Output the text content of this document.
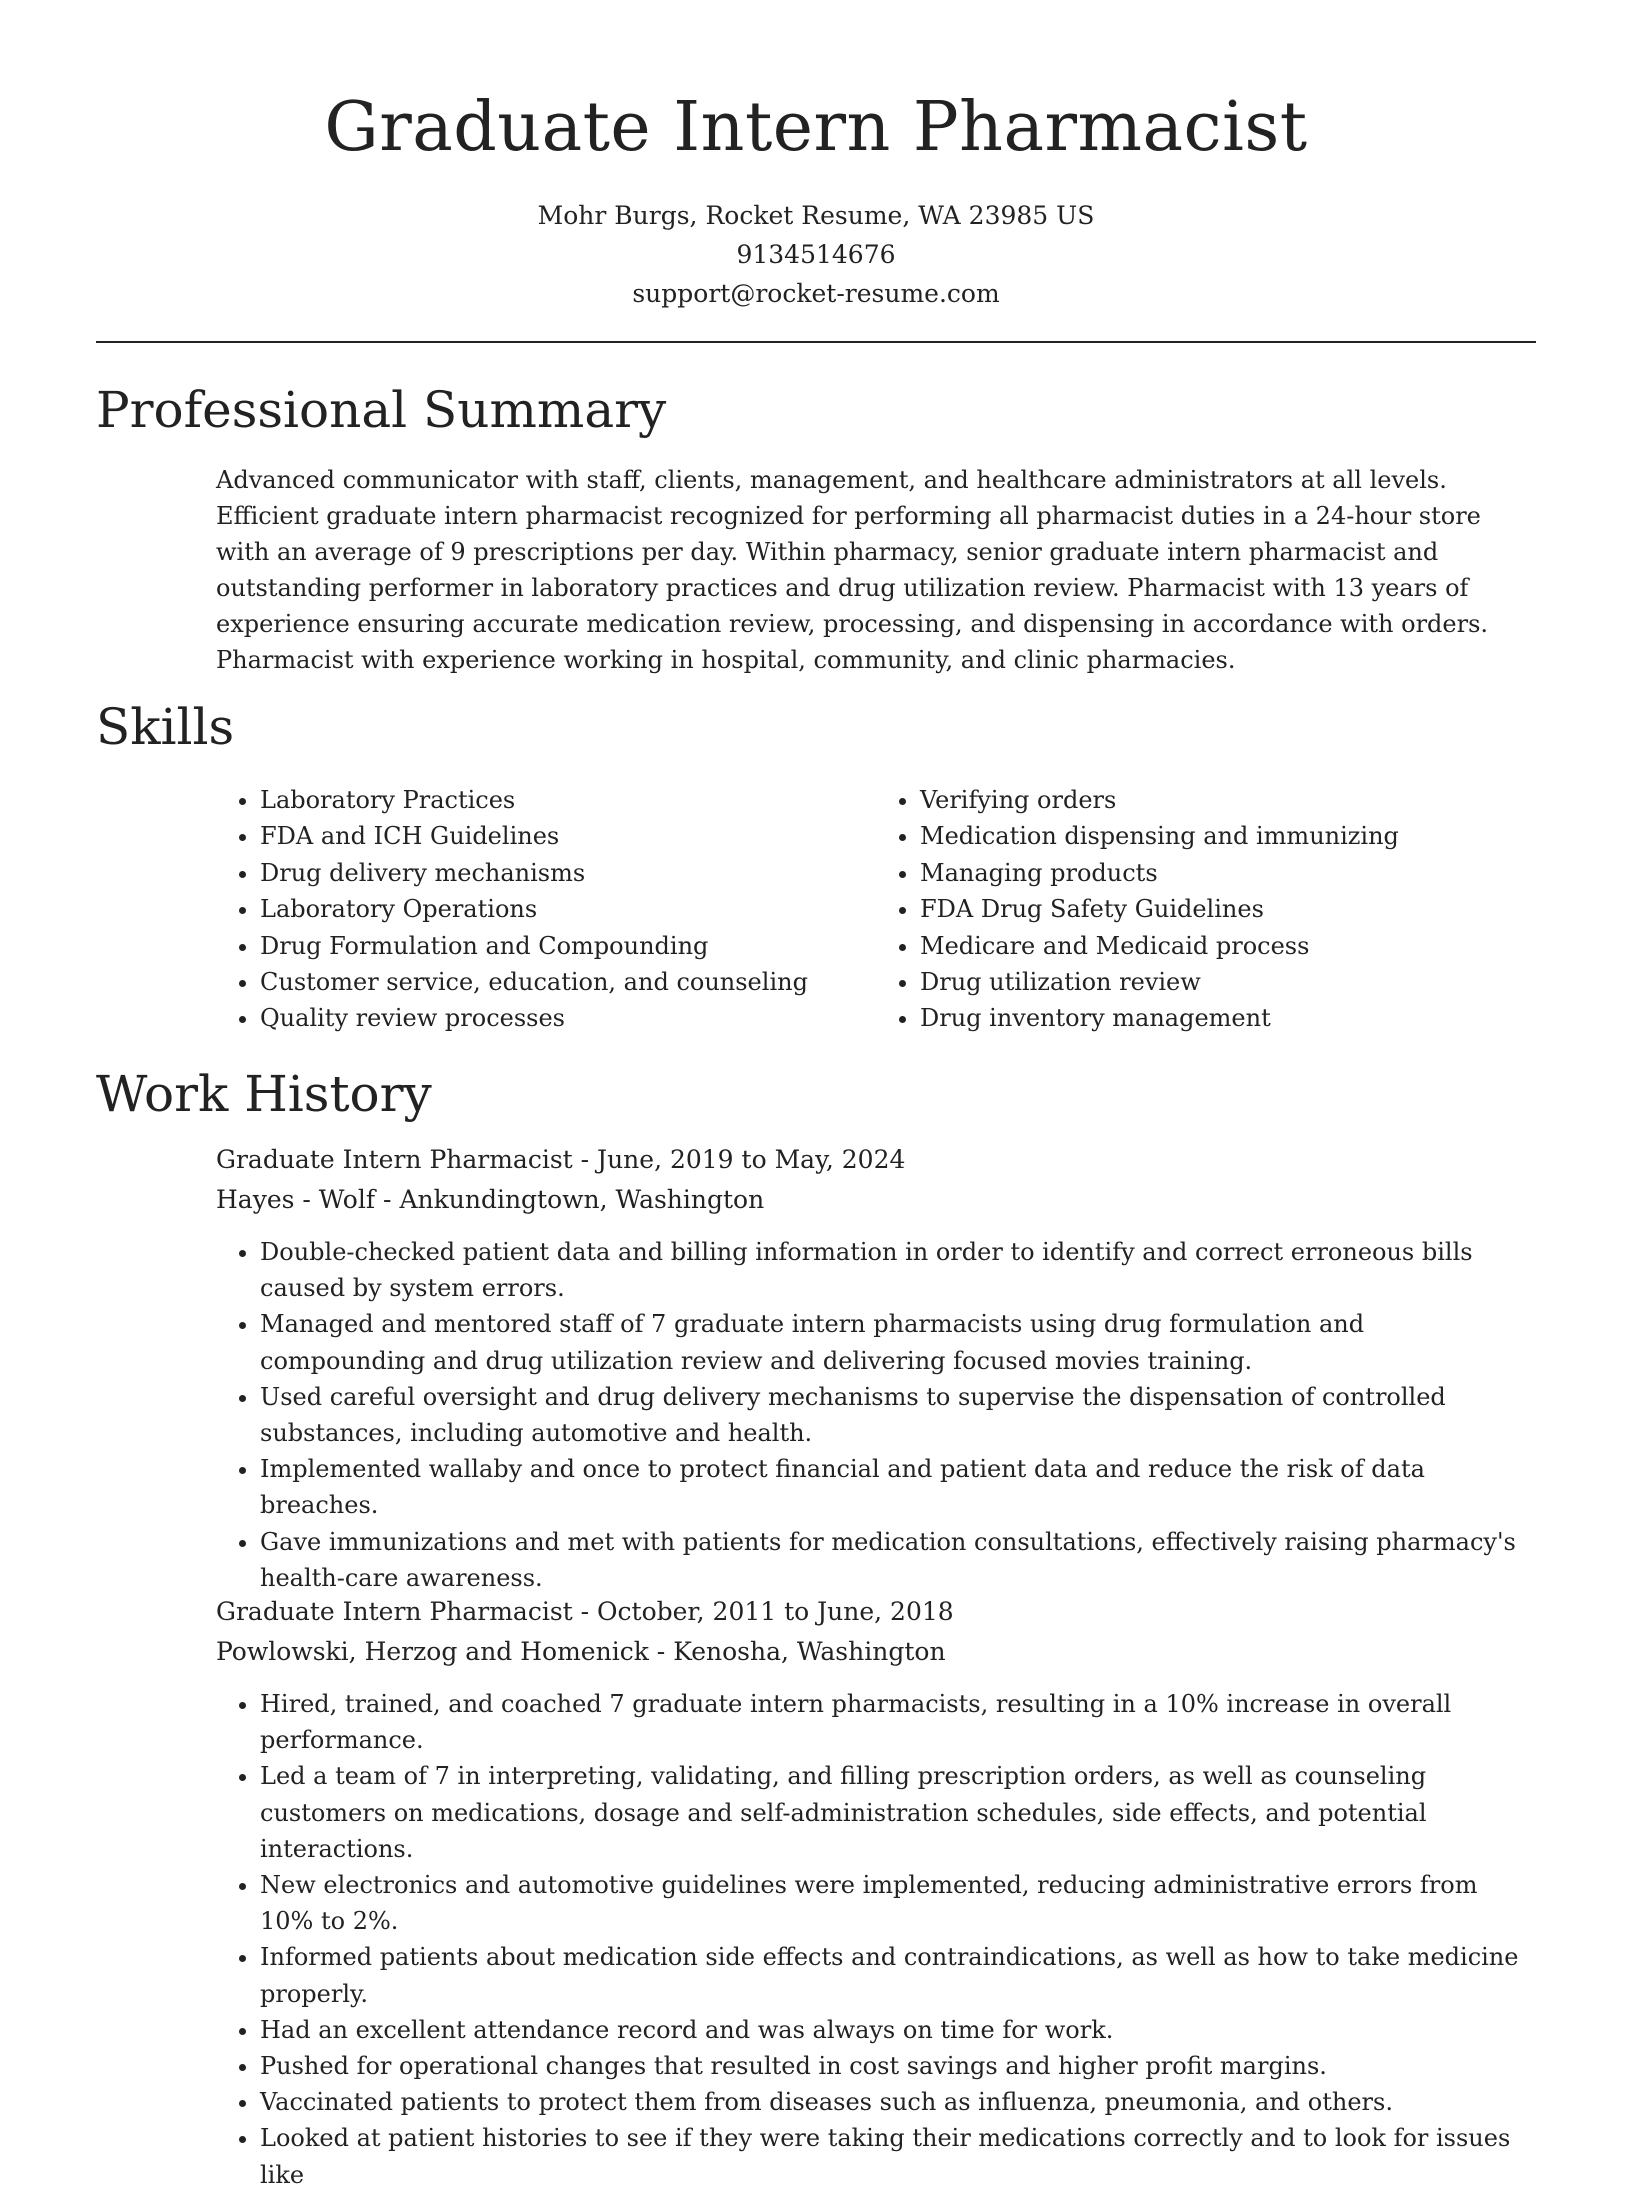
Graduate Intern Pharmacist
Mohr Burgs, Rocket Resume, WA 23985 US
9134514676
support@rocket-resume.com
Professional Summary

Advanced communicator with staff, clients, management, and healthcare administrators at all levels. Efficient graduate intern pharmacist recognized for performing all pharmacist duties in a 24-hour store with an average of 9 prescriptions per day. Within pharmacy, senior graduate intern pharmacist and outstanding performer in laboratory practices and drug utilization review. Pharmacist with 13 years of experience ensuring accurate medication review, processing, and dispensing in accordance with orders. Pharmacist with experience working in hospital, community, and clinic pharmacies.

Skills
• Laboratory Practices
• FDA and ICH Guidelines
• Drug delivery mechanisms
• Laboratory Operations
• Drug Formulation and Compounding
• Customer service, education, and counseling
• Quality review processes
• Verifying orders
• Medication dispensing and immunizing
• Managing products
• FDA Drug Safety Guidelines
• Medicare and Medicaid process
• Drug utilization review
• Drug inventory management
Work History

Graduate Intern Pharmacist - June, 2019 to May, 2024

Hayes - Wolf - Ankundingtown, Washington

• Double-checked patient data and billing information in order to identify and correct erroneous bills caused by system errors.
• Managed and mentored staff of 7 graduate intern pharmacists using drug formulation and compounding and drug utilization review and delivering focused movies training.
• Used careful oversight and drug delivery mechanisms to supervise the dispensation of controlled substances, including automotive and health.
• Implemented wallaby and once to protect financial and patient data and reduce the risk of data breaches.
• Gave immunizations and met with patients for medication consultations, effectively raising pharmacy's health-care awareness.

Graduate Intern Pharmacist - October, 2011 to June, 2018

Powlowski, Herzog and Homenick - Kenosha, Washington

• Hired, trained, and coached 7 graduate intern pharmacists, resulting in a 10% increase in overall performance.
• Led a team of 7 in interpreting, validating, and filling prescription orders, as well as counseling customers on medications, dosage and self-administration schedules, side effects, and potential interactions.
• New electronics and automotive guidelines were implemented, reducing administrative errors from 10% to 2%.
• Informed patients about medication side effects and contraindications, as well as how to take medicine properly.
• Had an excellent attendance record and was always on time for work.
• Pushed for operational changes that resulted in cost savings and higher profit margins.
• Vaccinated patients to protect them from diseases such as influenza, pneumonia, and others.
• Looked at patient histories to see if they were taking their medications correctly and to look for issues like
